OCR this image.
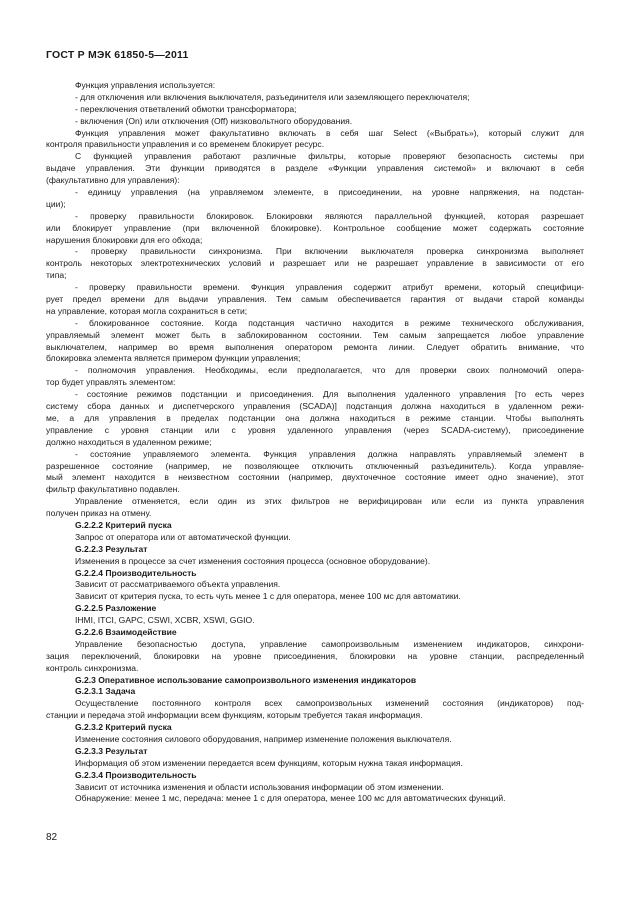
ГОСТ Р МЭК 61850-5—2011
Функция управления используется:
- для отключения или включения выключателя, разъединителя или заземляющего переключателя;
- переключения ответвлений обмотки трансформатора;
- включения (On) или отключения (Off) низковольтного оборудования.
Функция управления может факультативно включать в себя шаг Select («Выбрать»), который служит для
контроля правильности управления и со временем блокирует ресурс.
С функцией управления работают различные фильтры, которые проверяют безопасность системы при
выдаче управления. Эти функции приводятся в разделе «Функции управления системой» и включают в себя
(факультативно для управления):
- единицу управления (на управляемом элементе, в присоединении, на уровне напряжения, на подстан-
ции);
- проверку правильности блокировок. Блокировки являются параллельной функцией, которая разрешает
или блокирует управление (при включенной блокировке). Контрольное сообщение может содержать состояние
нарушения блокировки для его обхода;
- проверку правильности синхронизма. При включении выключателя проверка синхронизма выполняет
контроль некоторых электротехнических условий и разрешает или не разрешает управление в зависимости от его
типа;
- проверку правильности времени. Функция управления содержит атрибут времени, который специфици-
рует предел времени для выдачи управления. Тем самым обеспечивается гарантия от выдачи старой команды
на управление, которая могла сохраниться в сети;
- блокированное состояние. Когда подстанция частично находится в режиме технического обслуживания,
управляемый элемент может быть в заблокированном состоянии. Тем самым запрещается любое управление
выключателем, например во время выполнения оператором ремонта линии. Следует обратить внимание, что
блокировка элемента является примером функции управления;
- полномочия управления. Необходимы, если предполагается, что для проверки своих полномочий опера-
тор будет управлять элементом:
- состояние режимов подстанции и присоединения. Для выполнения удаленного управления [то есть через
систему сбора данных и диспетчерского управления (SCADA)] подстанция должна находиться в удаленном режи-
ме, а для управления в пределах подстанции она должна находиться в режиме станции. Чтобы выполнять
управление с уровня станции или с уровня удаленного управления (через SCADA-систему), присоединение
должно находиться в удаленном режиме;
- состояние управляемого элемента. Функция управления должна направлять управляемый элемент в
разрешенное состояние (например, не позволяющее отключить отключенный разъединитель). Когда управляе-
мый элемент находится в неизвестном состоянии (например, двухточечное состояние имеет одно значение), этот
фильтр факультативно подавлен.
Управление отменяется, если один из этих фильтров не верифицирован или если из пункта управления
получен приказ на отмену.
G.2.2.2 Критерий пуска
Запрос от оператора или от автоматической функции.
G.2.2.3 Результат
Изменения в процессе за счет изменения состояния процесса (основное оборудование).
G.2.2.4 Производительность
Зависит от рассматриваемого объекта управления.
Зависит от критерия пуска, то есть чуть менее 1 с для оператора, менее 100 мс для автоматики.
G.2.2.5 Разложение
IHMI, ITCI, GAPC, CSWI, XCBR, XSWI, GGIO.
G.2.2.6 Взаимодействие
Управление безопасностью доступа, управление самопроизвольным изменением индикаторов, синхрони-
зация переключений, блокировки на уровне присоединения, блокировки на уровне станции, распределенный
контроль синхронизма.
G.2.3 Оперативное использование самопроизвольного изменения индикаторов
G.2.3.1 Задача
Осуществление постоянного контроля всех самопроизвольных изменений состояния (индикаторов) под-
станции и передача этой информации всем функциям, которым требуется такая информация.
G.2.3.2 Критерий пуска
Изменение состояния силового оборудования, например изменение положения выключателя.
G.2.3.3 Результат
Информация об этом изменении передается всем функциям, которым нужна такая информация.
G.2.3.4 Производительность
Зависит от источника изменения и области использования информации об этом изменении.
Обнаружение: менее 1 мс, передача: менее 1 с для оператора, менее 100 мс для автоматических функций.
82
